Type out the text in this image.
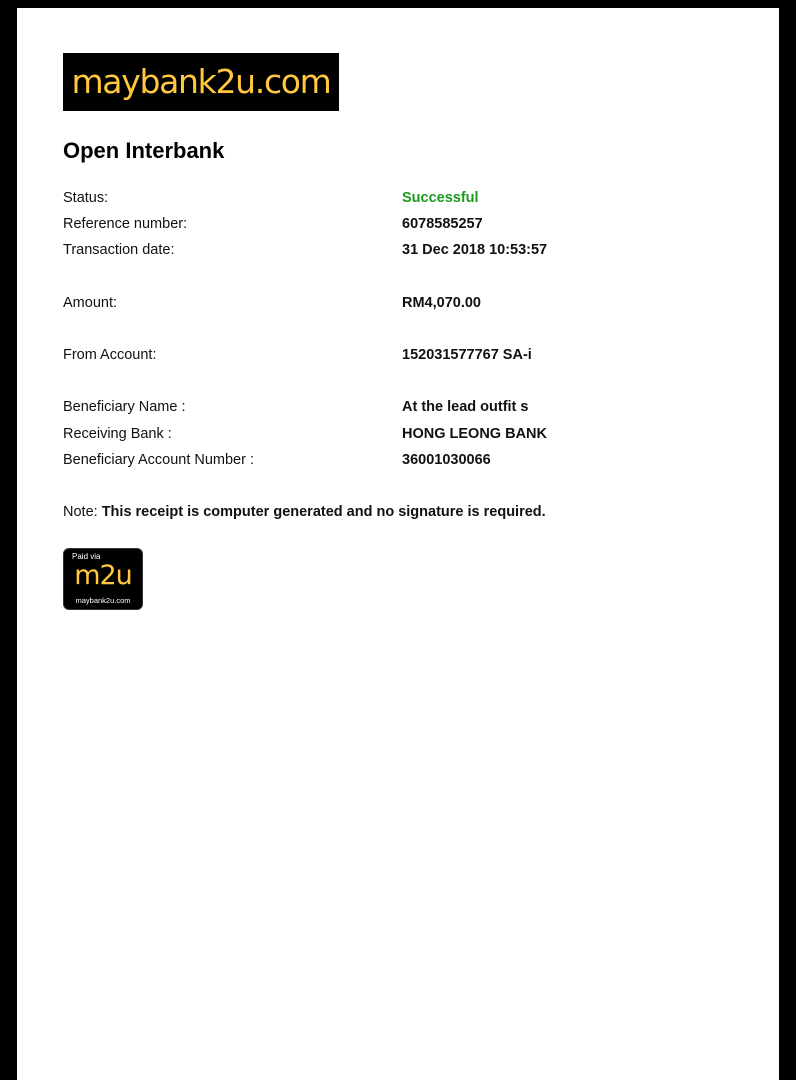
maybank2u.com
Open Interbank
Status:	Successful
Reference number:	6078585257
Transaction date:	31 Dec 2018 10:53:57
Amount:	RM4,070.00
From Account:	152031577767 SA-i
Beneficiary Name :	At the lead outfit s
Receiving Bank :	HONG LEONG BANK
Beneficiary Account Number :	36001030066
Note: This receipt is computer generated and no signature is required.
Paid via
m2u
maybank2u.com
